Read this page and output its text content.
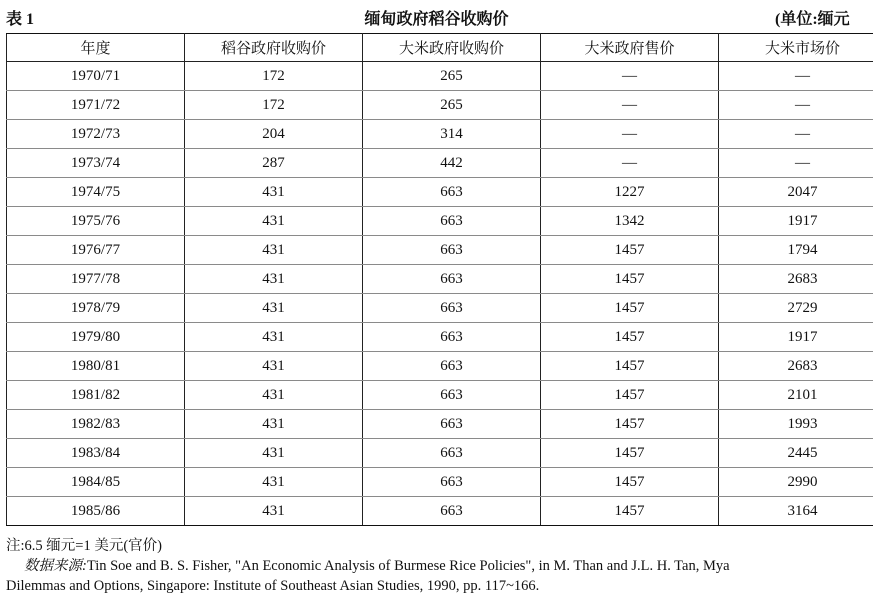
缅甸政府稻谷收购价
表 1	(单位:缅元
年度	稻谷政府收购价	大米政府收购价	大米政府售价	大米市场价
1970/71	172	265	—	—
1971/72	172	265	—	—
1972/73	204	314	—	—
1973/74	287	442	—	—
1974/75	431	663	1227	2047
1975/76	431	663	1342	1917
1976/77	431	663	1457	1794
1977/78	431	663	1457	2683
1978/79	431	663	1457	2729
1979/80	431	663	1457	1917
1980/81	431	663	1457	2683
1981/82	431	663	1457	2101
1982/83	431	663	1457	1993
1983/84	431	663	1457	2445
1984/85	431	663	1457	2990
1985/86	431	663	1457	3164
注:6.5 缅元=1 美元(官价)
数据来源:Tin Soe and B. S. Fisher, "An Economic Analysis of Burmese Rice Policies", in M. Than and J.L. H. Tan, Mya
Dilemmas and Options, Singapore: Institute of Southeast Asian Studies, 1990, pp. 117~166.
